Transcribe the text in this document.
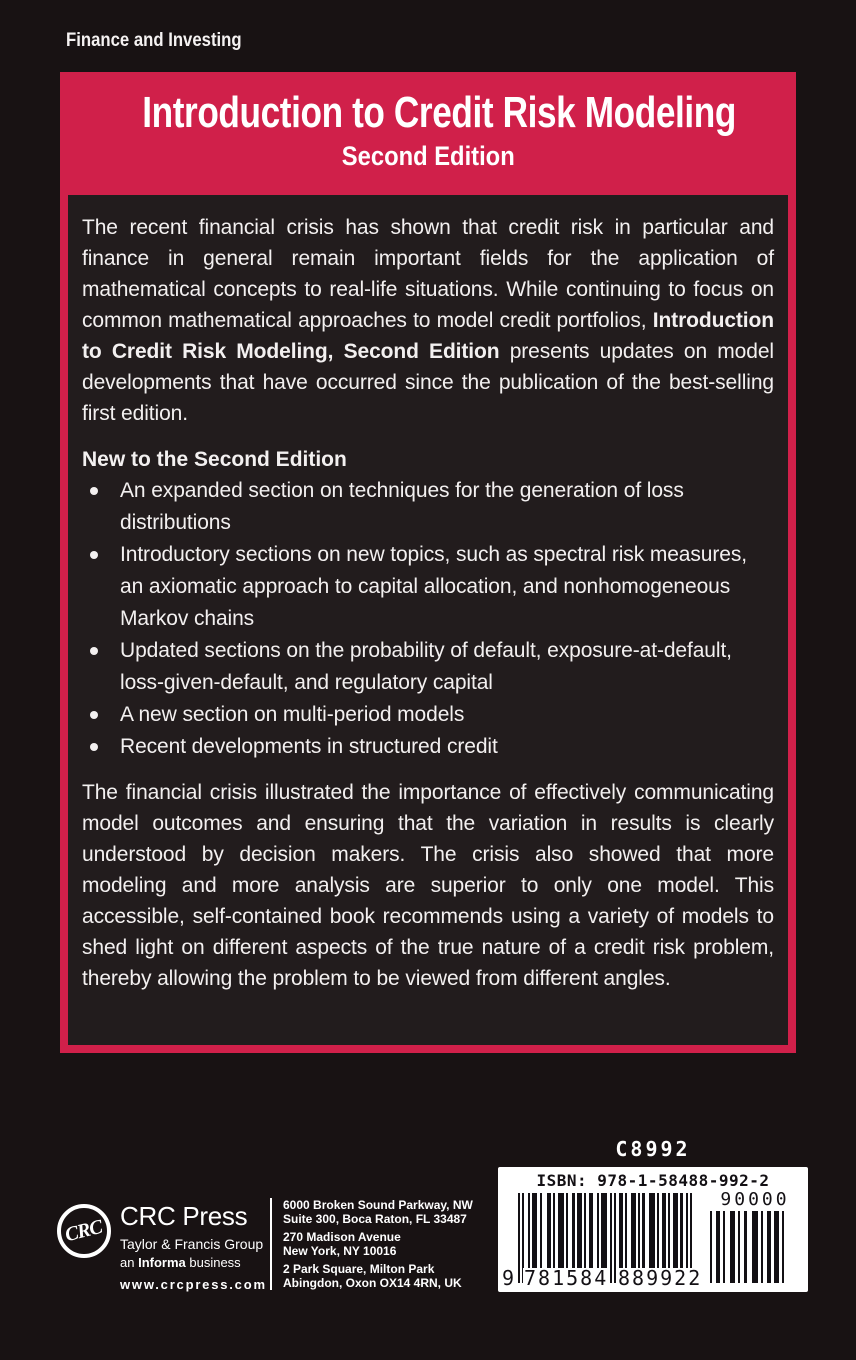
Finance and Investing
Introduction to Credit Risk Modeling
Second Edition

The recent financial crisis has shown that credit risk in particular and finance in general remain important fields for the application of mathematical concepts to real-life situations. While continuing to focus on common mathematical approaches to model credit portfolios, Introduction to Credit Risk Modeling, Second Edition presents updates on model developments that have occurred since the publication of the best-selling first edition.

New to the Second Edition
An expanded section on techniques for the generation of loss distributions
Introductory sections on new topics, such as spectral risk measures, an axiomatic approach to capital allocation, and nonhomogeneous Markov chains
Updated sections on the probability of default, exposure-at-default, loss-given-default, and regulatory capital
A new section on multi-period models
Recent developments in structured credit

The financial crisis illustrated the importance of effectively communicating model outcomes and ensuring that the variation in results is clearly understood by decision makers. The crisis also showed that more modeling and more analysis are superior to only one model. This accessible, self-contained book recommends using a variety of models to shed light on different aspects of the true nature of a credit risk problem, thereby allowing the problem to be viewed from different angles.

CRC CRC Press
Taylor & Francis Group
an Informa business
www.crcpress.com
6000 Broken Sound Parkway, NW
Suite 300, Boca Raton, FL 33487
270 Madison Avenue
New York, NY 10016
2 Park Square, Milton Park
Abingdon, Oxon OX14 4RN, UK
C8992
ISBN: 978-1-58488-992-2
9 781584 889922
90000
